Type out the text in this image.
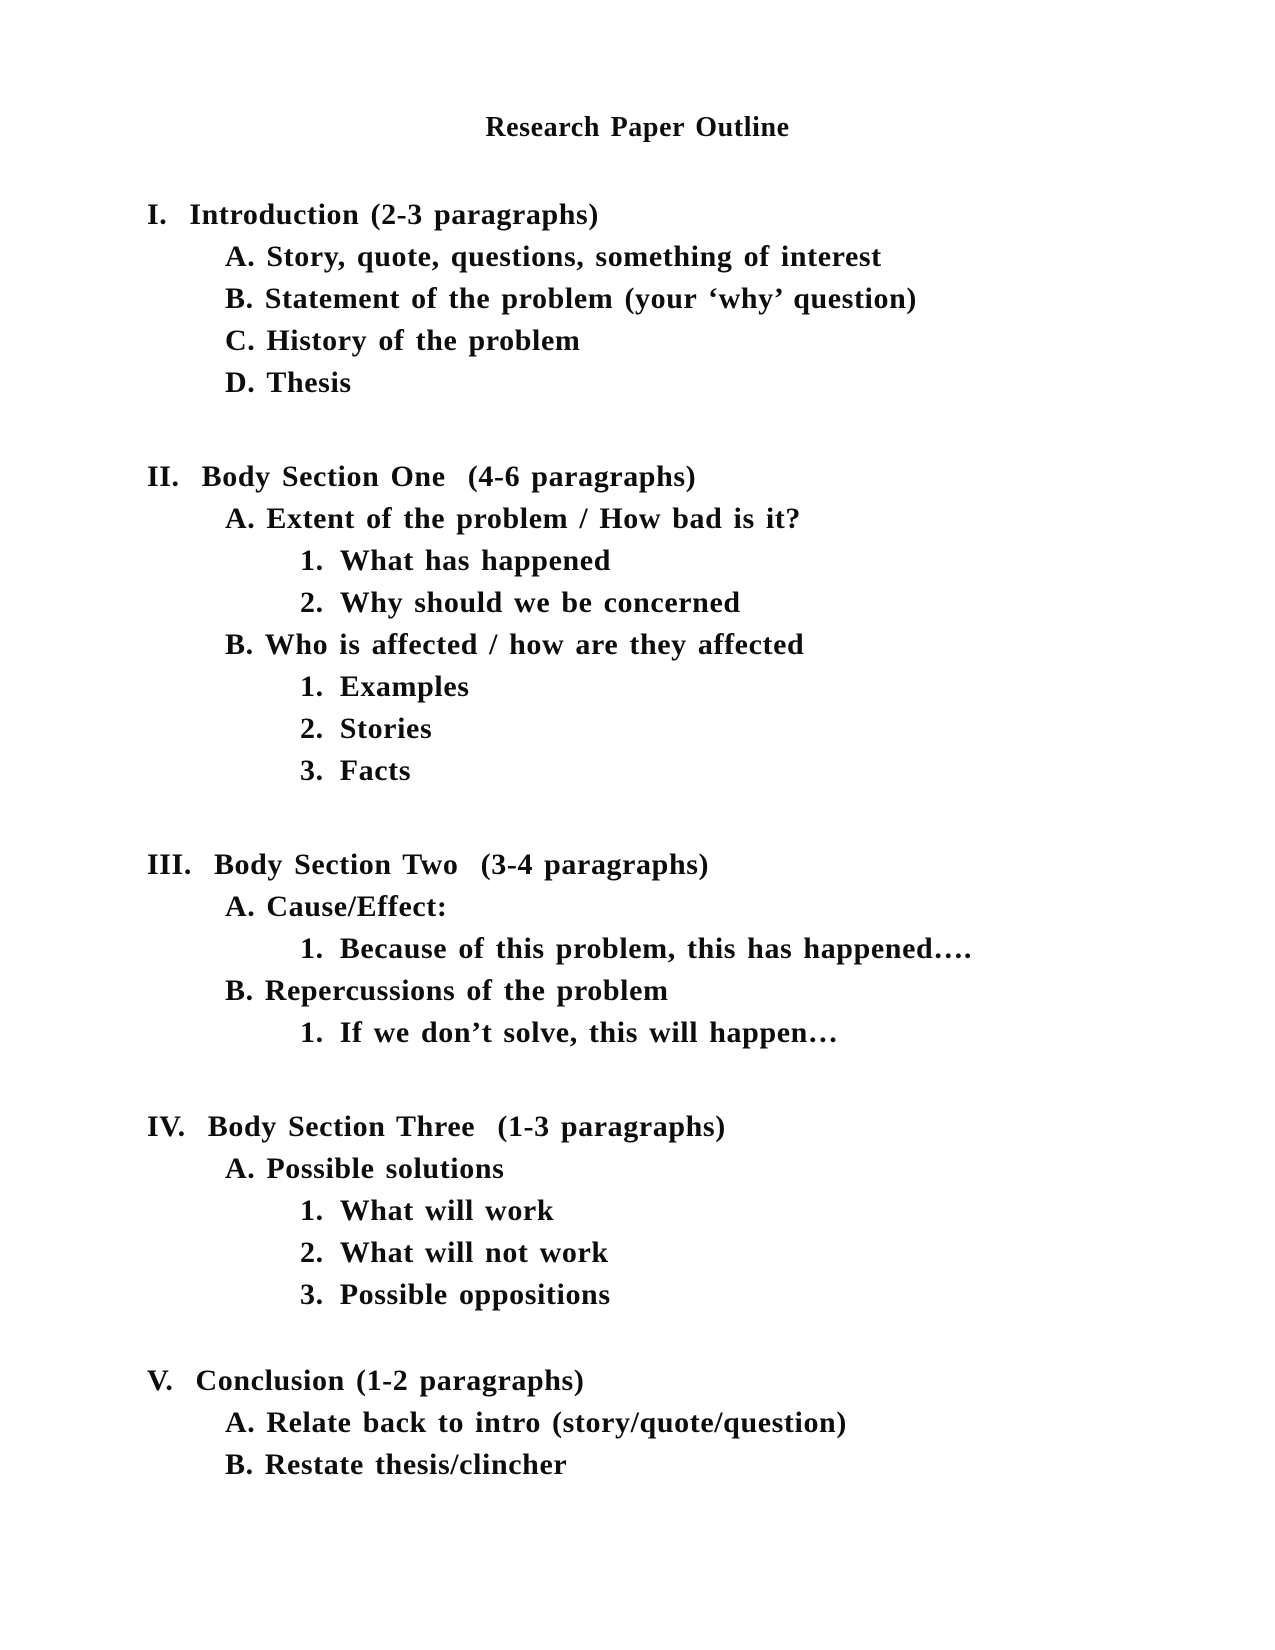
Research Paper Outline
I. Introduction (2-3 paragraphs)
A. Story, quote, questions, something of interest
B. Statement of the problem (your ‘why’ question)
C. History of the problem
D. Thesis
II. Body Section One  (4-6 paragraphs)
A. Extent of the problem / How bad is it?
1. What has happened
2. Why should we be concerned
B. Who is affected / how are they affected
1. Examples
2. Stories
3. Facts
III. Body Section Two  (3-4 paragraphs)
A. Cause/Effect:
1. Because of this problem, this has happened….
B. Repercussions of the problem
1. If we don’t solve, this will happen…
IV. Body Section Three  (1-3 paragraphs)
A. Possible solutions
1. What will work
2. What will not work
3. Possible oppositions
V. Conclusion (1-2 paragraphs)
A. Relate back to intro (story/quote/question)
B. Restate thesis/clincher
